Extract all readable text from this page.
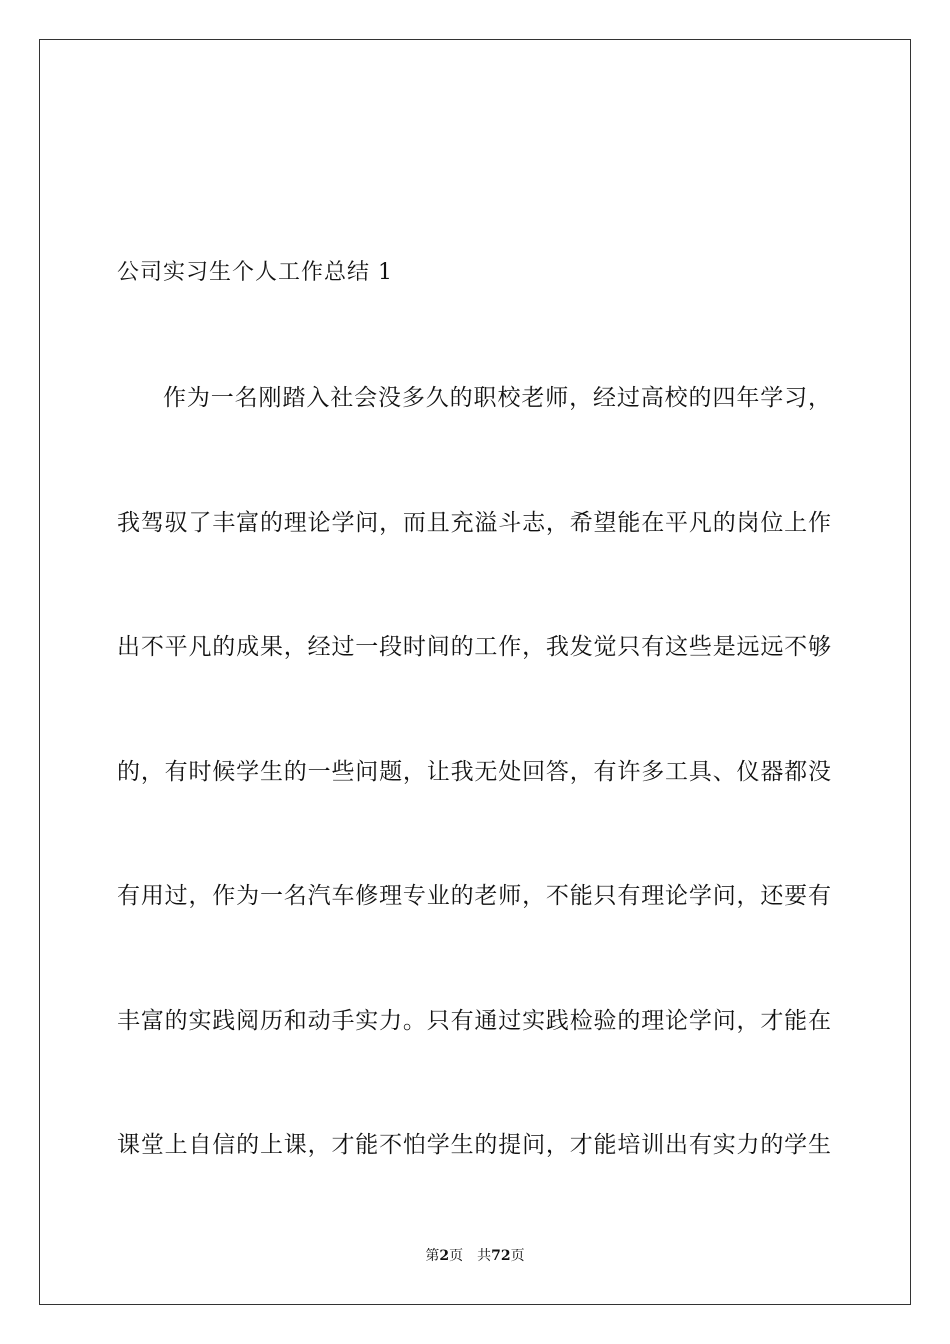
公司实习生个人工作总结 1
作为一名刚踏入社会没多久的职校老师，经过高校的四年学习，
我驾驭了丰富的理论学问，而且充溢斗志，希望能在平凡的岗位上作
出不平凡的成果，经过一段时间的工作，我发觉只有这些是远远不够
的，有时候学生的一些问题，让我无处回答，有许多工具、仪器都没
有用过，作为一名汽车修理专业的老师，不能只有理论学问，还要有
丰富的实践阅历和动手实力。只有通过实践检验的理论学问，才能在
课堂上自信的上课，才能不怕学生的提问，才能培训出有实力的学生
第2页 共72页
